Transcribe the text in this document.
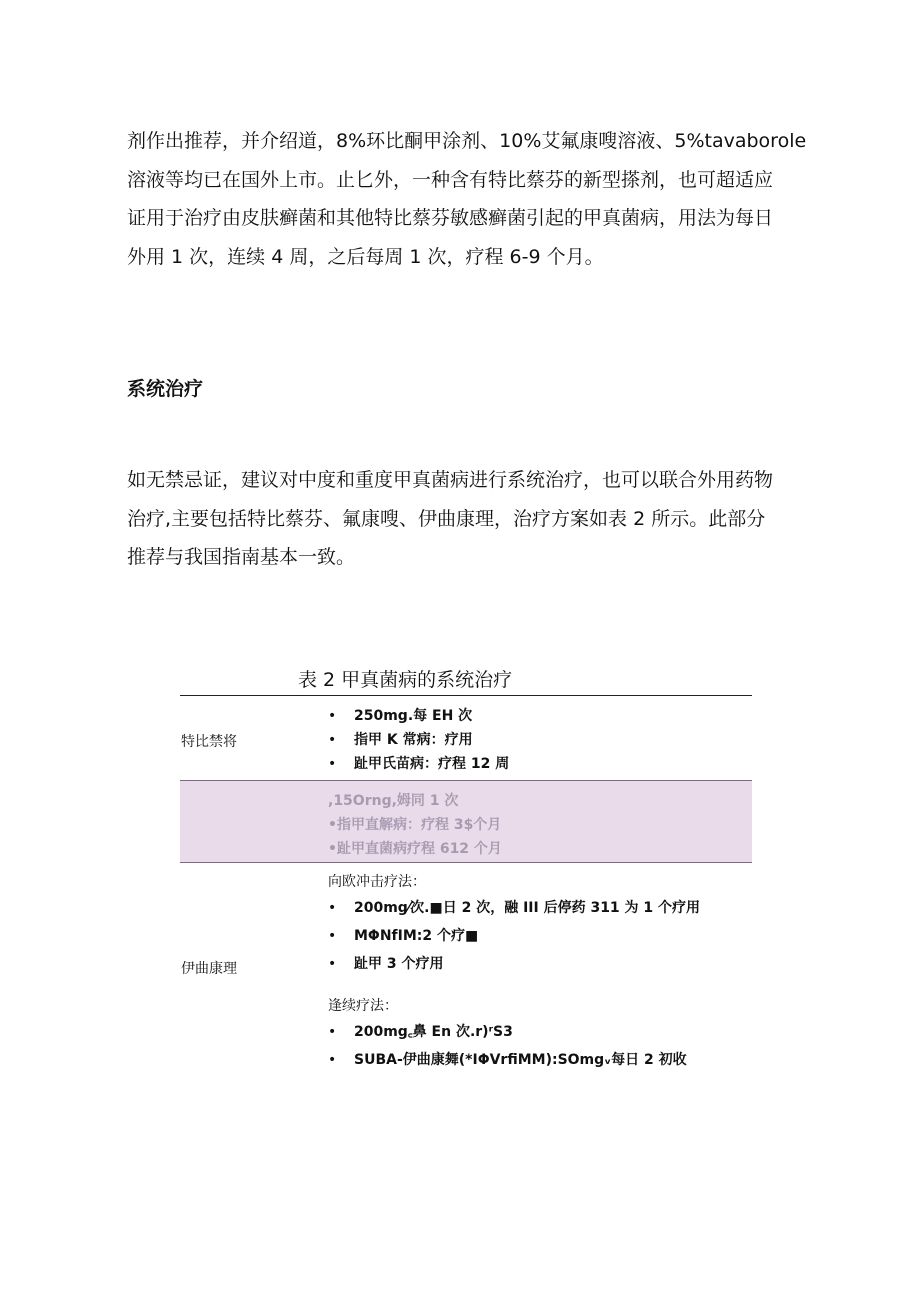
剂作出推荐，并介绍道，8%环比酮甲涂剂、10%艾氟康嗖溶液、5%tavaborole
溶液等均已在国外上市。止匕外，一种含有特比蔡芬的新型搽剂，也可超适应
证用于治疗由皮肤癣菌和其他特比蔡芬敏感癣菌引起的甲真菌病，用法为每日
外用 1 次，连续 4 周，之后每周 1 次，疗程 6-9 个月。
系统治疗
如无禁忌证，建议对中度和重度甲真菌病进行系统治疗，也可以联合外用药物
治疗,主要包括特比蔡芬、氟康嗖、伊曲康理，治疗方案如表 2 所示。此部分
推荐与我国指南基本一致。
表 2 甲真菌病的系统治疗
特比禁将
• 250mg.每 EH 次
• 指甲 K 常病：疗用
• 趾甲氏苗病：疗程 12 周
,15Orng,姆同 1 次
•指甲直解病：疗程 3$个月
•趾甲直菌病疗程 612 个月
伊曲康理
向欧冲击疗法：
• 200mg⁄次.■日 2 次，融 III 后停药 311 为 1 个疗用
• MΦNfIM:2 个疗■
• 趾甲 3 个疗用
逢续疗法：
• 200mg꜀鼻 En 次.r)ʳS3
• SUBA-伊曲康舞(*IΦVrfiMM):SOmgᵥ每日 2 初收
